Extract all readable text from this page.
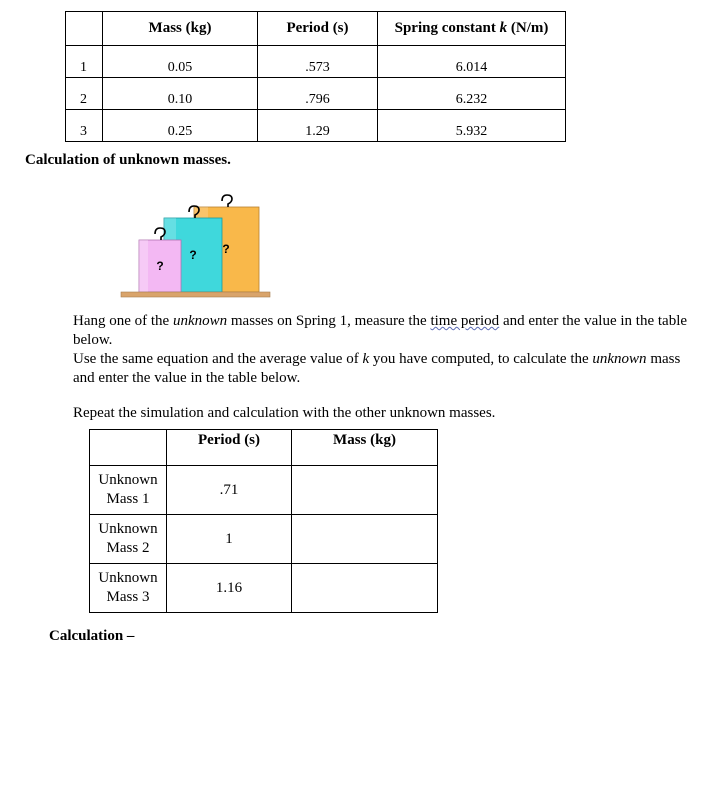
	Mass (kg)	Period (s)	Spring constant k (N/m)
1	0.05	.573	6.014
2	0.10	.796	6.232
3	0.25	1.29	5.932
Calculation of unknown masses.
?
? ?
Hang one of the unknown masses on Spring 1, measure the time period and enter the value in the table below.
Use the same equation and the average value of k you have computed, to calculate the unknown mass and enter the value in the table below.
Repeat the simulation and calculation with the other unknown masses.
	Period (s)	Mass (kg)
Unknown
Mass 1	.71	
Unknown
Mass 2	1	
Unknown
Mass 3	1.16	
Calculation –
